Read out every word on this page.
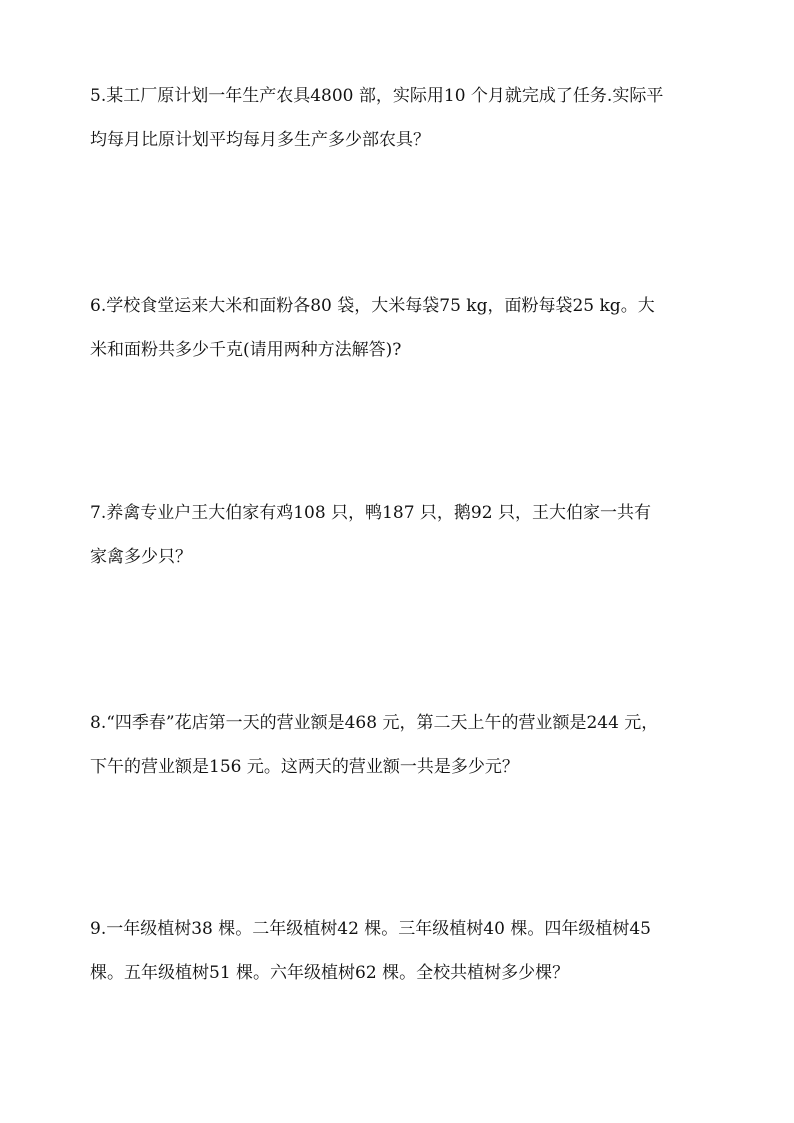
5.某工厂原计划一年生产农具4800 部，实际用10 个月就完成了任务.实际平
均每月比原计划平均每月多生产多少部农具？
6.学校食堂运来大米和面粉各80 袋，大米每袋75 kg，面粉每袋25 kg。大
米和面粉共多少千克(请用两种方法解答)?
7.养禽专业户王大伯家有鸡108 只，鸭187 只，鹅92 只，王大伯家一共有
家禽多少只？
8.“四季春”花店第一天的营业额是468 元，第二天上午的营业额是244 元，
下午的营业额是156 元。这两天的营业额一共是多少元？
9.一年级植树38 棵。二年级植树42 棵。三年级植树40 棵。四年级植树45
棵。五年级植树51 棵。六年级植树62 棵。全校共植树多少棵？
